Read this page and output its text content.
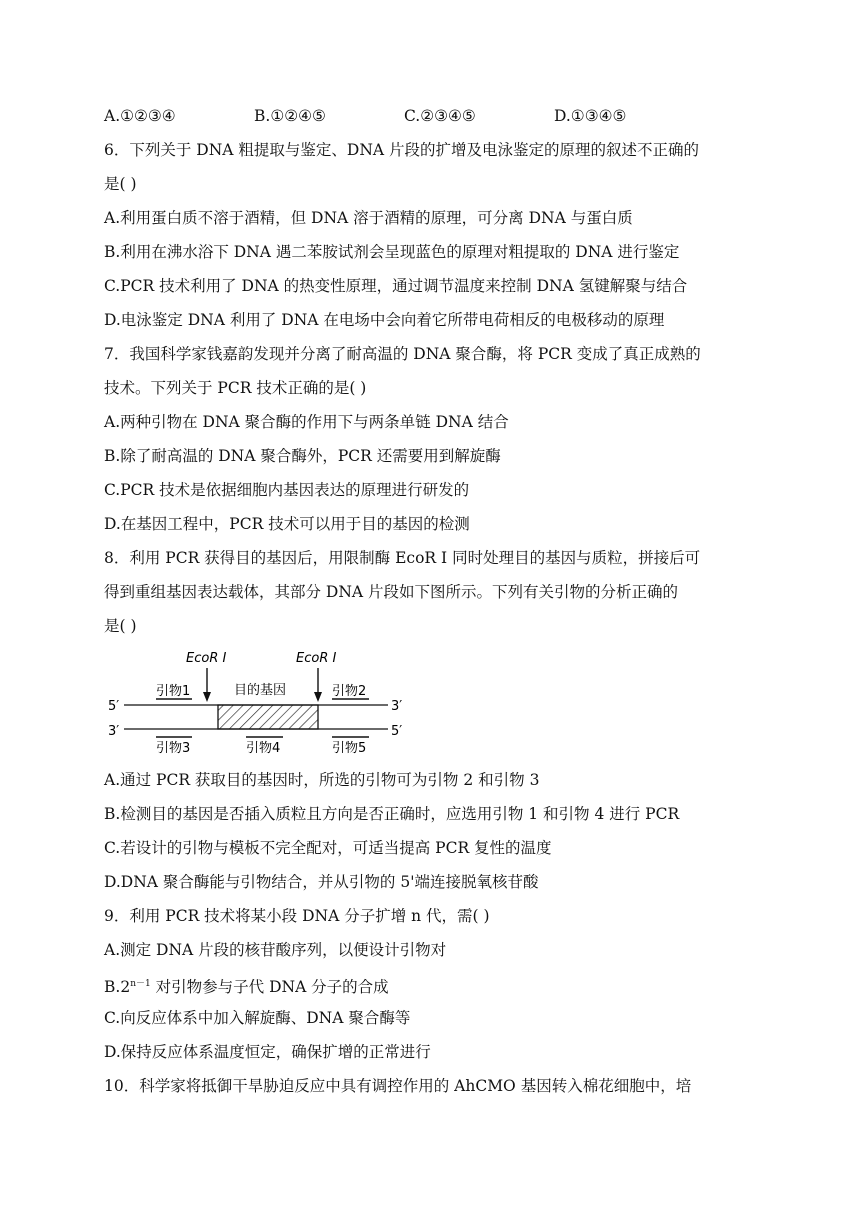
A.①②③④	B.①②④⑤	C.②③④⑤	D.①③④⑤
6．下列关于 DNA 粗提取与鉴定、DNA 片段的扩增及电泳鉴定的原理的叙述不正确的
是( )
A.利用蛋白质不溶于酒精，但 DNA 溶于酒精的原理，可分离 DNA 与蛋白质
B.利用在沸水浴下 DNA 遇二苯胺试剂会呈现蓝色的原理对粗提取的 DNA 进行鉴定
C.PCR 技术利用了 DNA 的热变性原理，通过调节温度来控制 DNA 氢键解聚与结合
D.电泳鉴定 DNA 利用了 DNA 在电场中会向着它所带电荷相反的电极移动的原理
7．我国科学家钱嘉韵发现并分离了耐高温的 DNA 聚合酶，将 PCR 变成了真正成熟的
技术。下列关于 PCR 技术正确的是( )
A.两种引物在 DNA 聚合酶的作用下与两条单链 DNA 结合
B.除了耐高温的 DNA 聚合酶外，PCR 还需要用到解旋酶
C.PCR 技术是依据细胞内基因表达的原理进行研发的
D.在基因工程中，PCR 技术可以用于目的基因的检测
8．利用 PCR 获得目的基因后，用限制酶 EcoR Ⅰ 同时处理目的基因与质粒，拼接后可
得到重组基因表达载体，其部分 DNA 片段如下图所示。下列有关引物的分析正确的
是( )
EcoR Ⅰ	EcoR Ⅰ
引物1	目的基因	引物2
5′	3′
3′	5′
引物3	引物4	引物5
A.通过 PCR 获取目的基因时，所选的引物可为引物 2 和引物 3
B.检测目的基因是否插入质粒且方向是否正确时，应选用引物 1 和引物 4 进行 PCR
C.若设计的引物与模板不完全配对，可适当提高 PCR 复性的温度
D.DNA 聚合酶能与引物结合，并从引物的 5'端连接脱氧核苷酸
9．利用 PCR 技术将某小段 DNA 分子扩增 n 代，需( )
A.测定 DNA 片段的核苷酸序列，以便设计引物对
$B.2^{n-1}$ 对引物参与子代 DNA 分子的合成
C.向反应体系中加入解旋酶、DNA 聚合酶等
D.保持反应体系温度恒定，确保扩增的正常进行
10．科学家将抵御干旱胁迫反应中具有调控作用的 AhCMO 基因转入棉花细胞中，培
